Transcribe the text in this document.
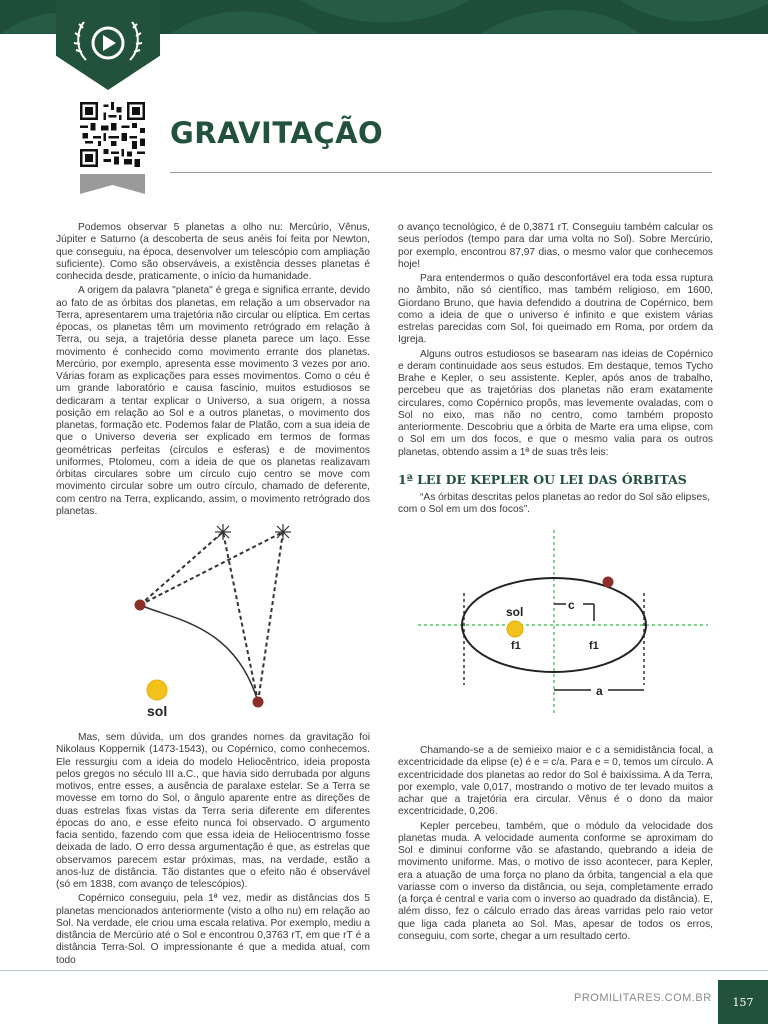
GRAVITAÇÃO

Podemos observar 5 planetas a olho nu: Mercúrio, Vênus, Júpiter e Saturno (a descoberta de seus anéis foi feita por Newton, que conseguiu, na época, desenvolver um telescópio com ampliação suficiente). Como são observáveis, a existência desses planetas é conhecida desde, praticamente, o início da humanidade.

A origem da palavra "planeta" é grega e significa errante, devido ao fato de as órbitas dos planetas, em relação a um observador na Terra, apresentarem uma trajetória não circular ou elíptica. Em certas épocas, os planetas têm um movimento retrógrado em relação à Terra, ou seja, a trajetória desse planeta parece um laço. Esse movimento é conhecido como movimento errante dos planetas. Mercúrio, por exemplo, apresenta esse movimento 3 vezes por ano. Várias foram as explicações para esses movimentos. Como o céu é um grande laboratório e causa fascínio, muitos estudiosos se dedicaram a tentar explicar o Universo, a sua origem, a nossa posição em relação ao Sol e a outros planetas, o movimento dos planetas, formação etc. Podemos falar de Platão, com a sua ideia de que o Universo deveria ser explicado em termos de formas geométricas perfeitas (círculos e esferas) e de movimentos uniformes, Ptolomeu, com a ideia de que os planetas realizavam órbitas circulares sobre um círculo cujo centro se move com movimento circular sobre um outro círculo, chamado de deferente, com centro na Terra, explicando, assim, o movimento retrógrado dos planetas.

sol

Mas, sem dúvida, um dos grandes nomes da gravitação foi Nikolaus Koppernik (1473-1543), ou Copérnico, como conhecemos. Ele ressurgiu com a ideia do modelo Heliocêntrico, ideia proposta pelos gregos no século III a.C., que havia sido derrubada por alguns motivos, entre esses, a ausência de paralaxe estelar. Se a Terra se movesse em torno do Sol, o ângulo aparente entre as direções de duas estrelas fixas vistas da Terra seria diferente em diferentes épocas do ano, e esse efeito nunca foi observado. O argumento facia sentido, fazendo com que essa ideia de Heliocentrismo fosse deixada de lado. O erro dessa argumentação é que, as estrelas que observamos parecem estar próximas, mas, na verdade, estão a anos-luz de distância. Tão distantes que o efeito não é observável (só em 1838, com avanço de telescópios).

Copérnico conseguiu, pela 1ª vez, medir as distâncias dos 5 planetas mencionados anteriormente (visto a olho nu) em relação ao Sol. Na verdade, ele criou uma escala relativa. Por exemplo, mediu a distância de Mercúrio até o Sol e encontrou 0,3763 rT, em que rT é a distância Terra-Sol. O impressionante é que a medida atual, com todo

o avanço tecnológico, é de 0,3871 rT. Conseguiu também calcular os seus períodos (tempo para dar uma volta no Sol). Sobre Mercúrio, por exemplo, encontrou 87,97 dias, o mesmo valor que conhecemos hoje!

Para entendermos o quão desconfortável era toda essa ruptura no âmbito, não só científico, mas também religioso, em 1600, Giordano Bruno, que havia defendido a doutrina de Copérnico, bem como a ideia de que o universo é infinito e que existem várias estrelas parecidas com Sol, foi queimado em Roma, por ordem da Igreja.

Alguns outros estudiosos se basearam nas ideias de Copérnico e deram continuidade aos seus estudos. Em destaque, temos Tycho Brahe e Kepler, o seu assistente. Kepler, após anos de trabalho, percebeu que as trajetórias dos planetas não eram exatamente circulares, como Copérnico propôs, mas levemente ovaladas, com o Sol no eixo, mas não no centro, como também proposto anteriormente. Descobriu que a órbita de Marte era uma elipse, com o Sol em um dos focos, e que o mesmo valia para os outros planetas, obtendo assim a 1ª de suas três leis:

1ª LEI DE KEPLER OU LEI DAS ÓRBITAS

“As órbitas descritas pelos planetas ao redor do Sol são elipses, com o Sol em um dos focos”.

sol	c
f1	f1
a

Chamando-se a de semieixo maior e c a semidistância focal, a excentricidade da elipse (e) é e = c/a. Para e = 0, temos um círculo. A excentricidade dos planetas ao redor do Sol é baixíssima. A da Terra, por exemplo, vale 0,017, mostrando o motivo de ter levado muitos a achar que a trajetória era circular. Vênus é o dono da maior excentricidade, 0,206.

Kepler percebeu, também, que o módulo da velocidade dos planetas muda. A velocidade aumenta conforme se aproximam do Sol e diminui conforme vão se afastando, quebrando a ideia de movimento uniforme. Mas, o motivo de isso acontecer, para Kepler, era a atuação de uma força no plano da órbita, tangencial a ela que variasse com o inverso da distância, ou seja, completamente errado (a força é central e varia com o inverso ao quadrado da distância). E, além disso, fez o cálculo errado das áreas varridas pelo raio vetor que liga cada planeta ao Sol. Mas, apesar de todos os erros, conseguiu, com sorte, chegar a um resultado certo.

PROMILITARES.COM.BR	157
